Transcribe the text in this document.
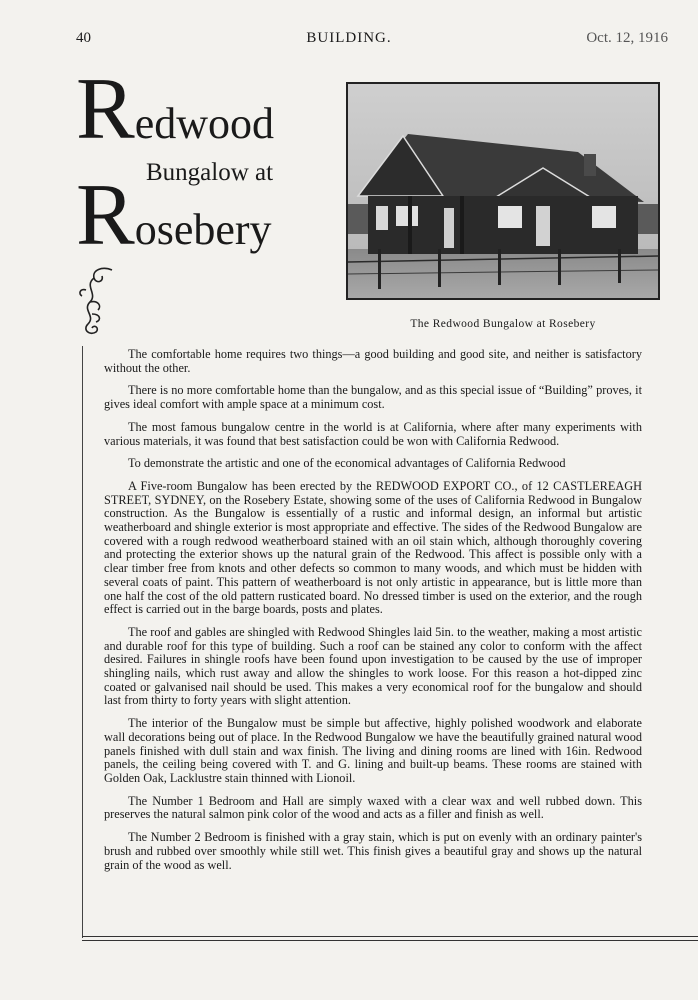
40	BUILDING.	Oct. 12, 1916
Redwood
Bungalow at
Rosebery
The Redwood Bungalow at Rosebery

The comfortable home requires two things—a good building and good site, and neither is satisfactory without the other.

There is no more comfortable home than the bungalow, and as this special issue of “Building” proves, it gives ideal comfort with ample space at a minimum cost.

The most famous bungalow centre in the world is at California, where after many experiments with various materials, it was found that best satisfaction could be won with California Redwood.

To demonstrate the artistic and one of the economical advantages of California Redwood

A Five-room Bungalow has been erected by the REDWOOD EXPORT CO., of 12 CASTLEREAGH STREET, SYDNEY, on the Rosebery Estate, showing some of the uses of California Redwood in Bungalow construction. As the Bungalow is essentially of a rustic and informal design, an informal but artistic weatherboard and shingle exterior is most appropriate and effective. The sides of the Redwood Bungalow are covered with a rough redwood weatherboard stained with an oil stain which, although thoroughly covering and protecting the exterior shows up the natural grain of the Redwood. This affect is possible only with a clear timber free from knots and other defects so common to many woods, and which must be hidden with several coats of paint. This pattern of weatherboard is not only artistic in appearance, but is little more than one half the cost of the old pattern rusticated board. No dressed timber is used on the exterior, and the rough effect is carried out in the barge boards, posts and plates.

The roof and gables are shingled with Redwood Shingles laid 5in. to the weather, making a most artistic and durable roof for this type of building. Such a roof can be stained any color to conform with the affect desired. Failures in shingle roofs have been found upon investigation to be caused by the use of improper shingling nails, which rust away and allow the shingles to work loose. For this reason a hot-dipped zinc coated or galvanised nail should be used. This makes a very economical roof for the bungalow and should last from thirty to forty years with slight attention.

The interior of the Bungalow must be simple but affective, highly polished woodwork and elaborate wall decorations being out of place. In the Redwood Bungalow we have the beautifully grained natural wood panels finished with dull stain and wax finish. The living and dining rooms are lined with 16in. Redwood panels, the ceiling being covered with T. and G. lining and built-up beams. These rooms are stained with Golden Oak, Lacklustre stain thinned with Lionoil.

The Number 1 Bedroom and Hall are simply waxed with a clear wax and well rubbed down. This preserves the natural salmon pink color of the wood and acts as a filler and finish as well.

The Number 2 Bedroom is finished with a gray stain, which is put on evenly with an ordinary painter's brush and rubbed over smoothly while still wet. This finish gives a beautiful gray and shows up the natural grain of the wood as well.
